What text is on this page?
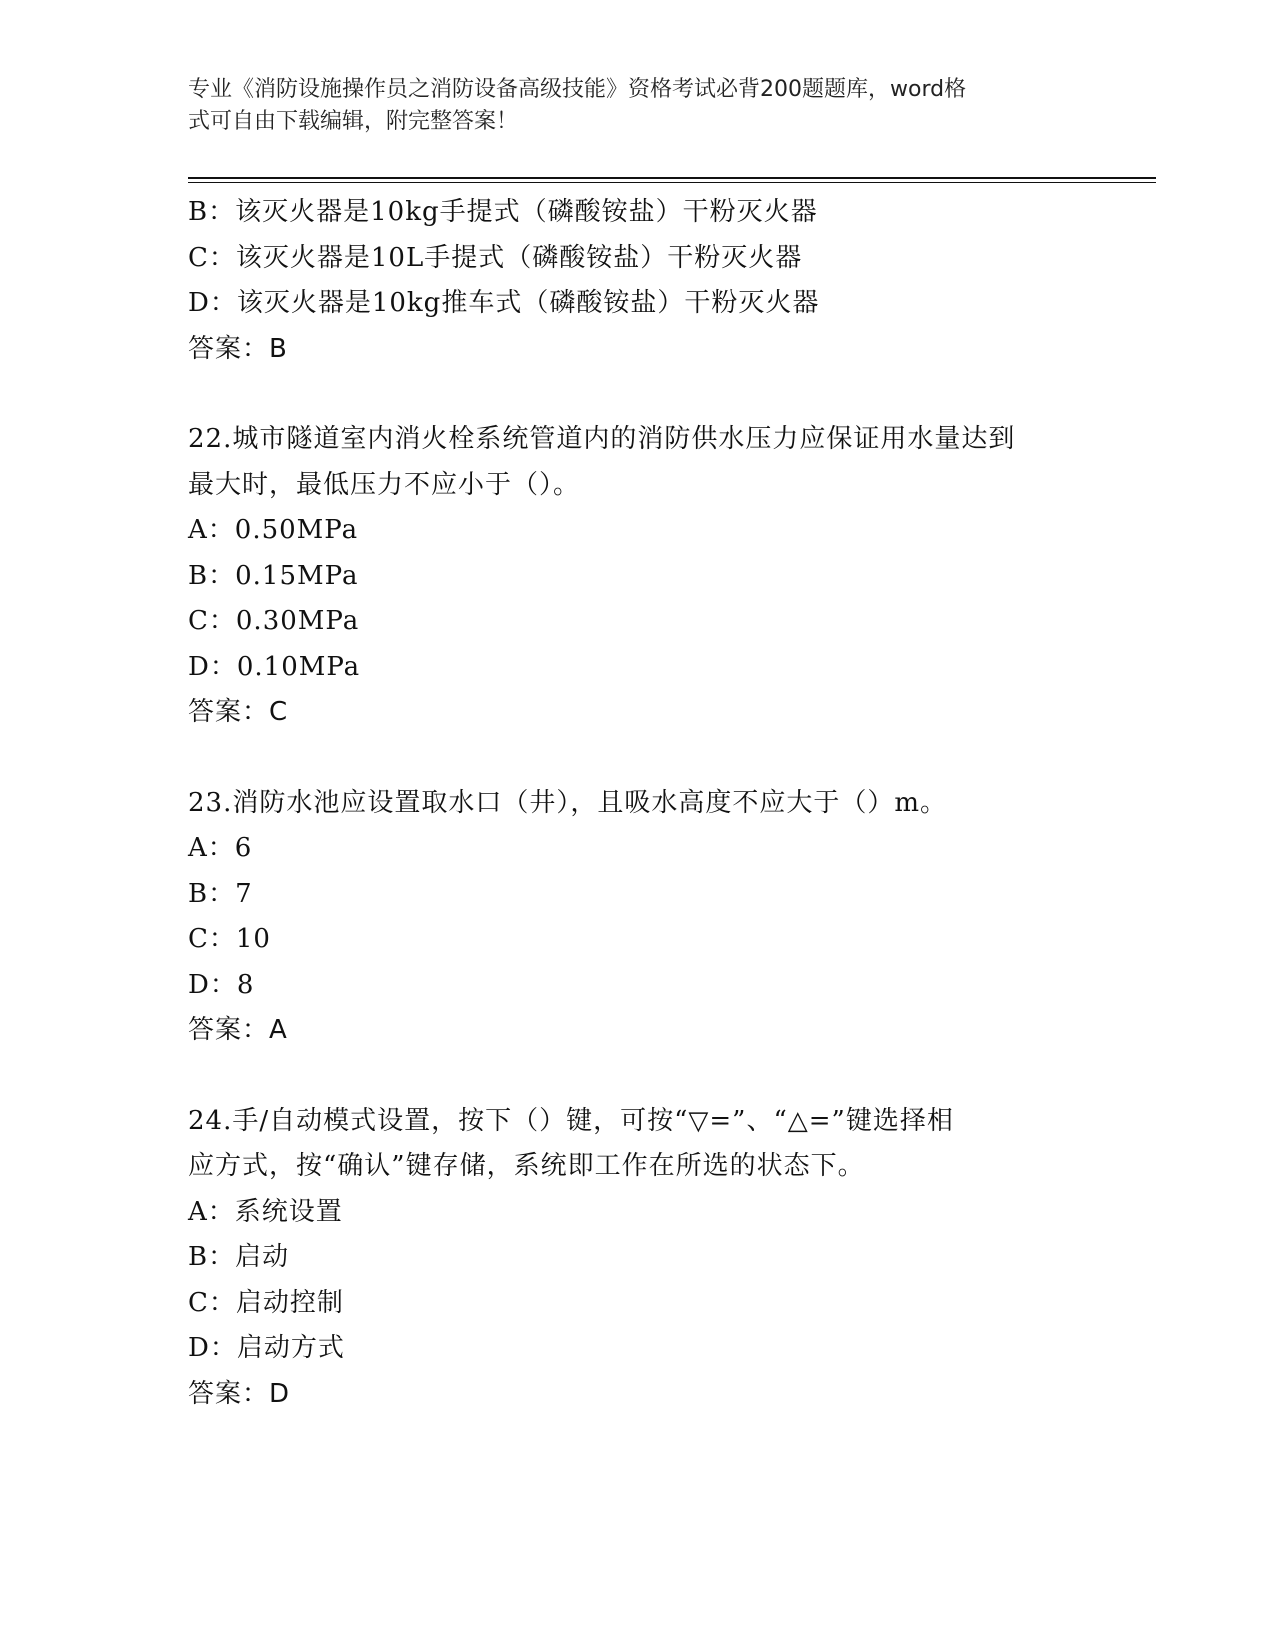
专业《消防设施操作员之消防设备高级技能》资格考试必背200题题库，word格
式可自由下载编辑，附完整答案！
B：该灭火器是10kg手提式（磷酸铵盐）干粉灭火器
C：该灭火器是10L手提式（磷酸铵盐）干粉灭火器
D：该灭火器是10kg推车式（磷酸铵盐）干粉灭火器
答案：B
22.城市隧道室内消火栓系统管道内的消防供水压力应保证用水量达到
最大时，最低压力不应小于（）。
A：0.50MPa
B：0.15MPa
C：0.30MPa
D：0.10MPa
答案：C
23.消防水池应设置取水口（井），且吸水高度不应大于（）m。
A：6
B：7
C：10
D：8
答案：A
24.手/自动模式设置，按下（）键，可按“▽=”、“△=”键选择相
应方式，按“确认”键存储，系统即工作在所选的状态下。
A：系统设置
B：启动
C：启动控制
D：启动方式
答案：D
